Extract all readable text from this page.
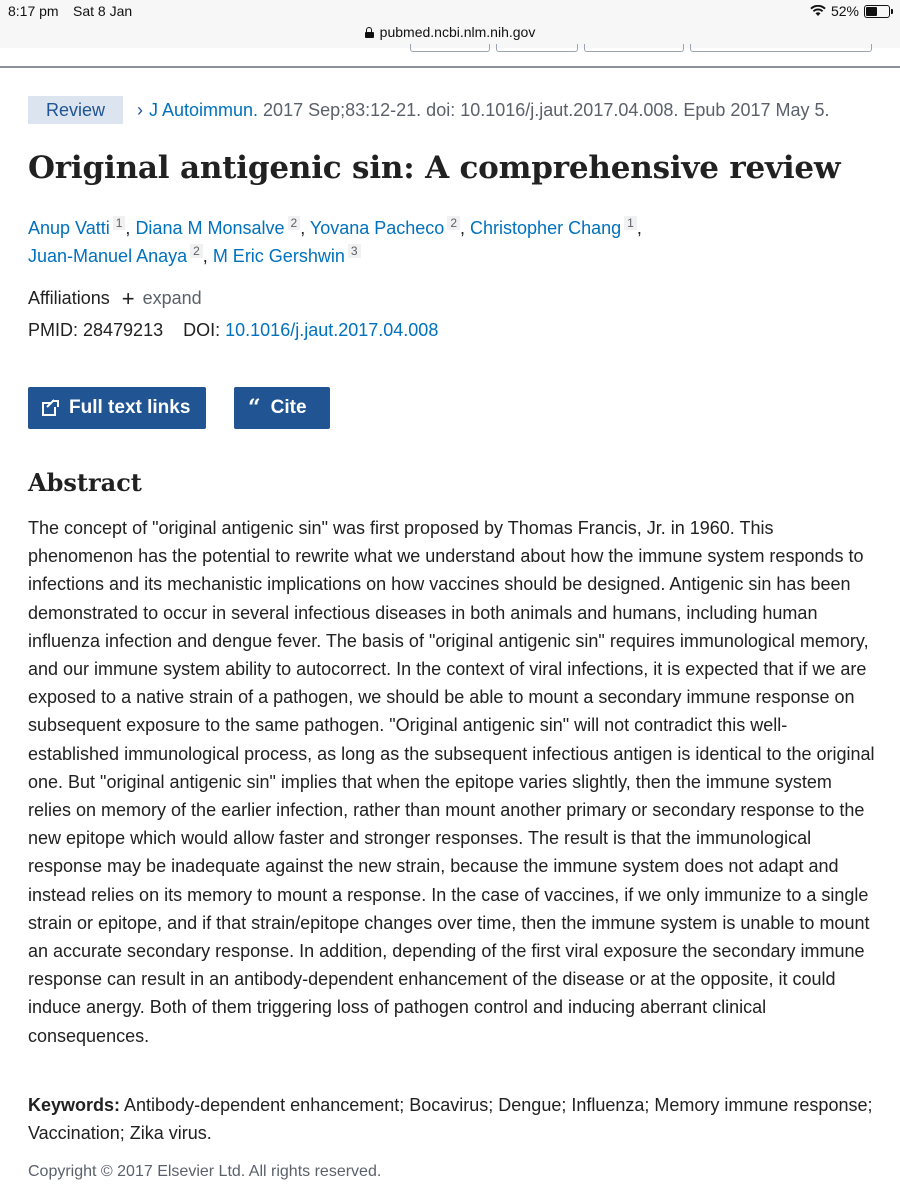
8:17 pm Sat 8 Jan	52%
pubmed.ncbi.nlm.nih.gov
Review	› J Autoimmun. 2017 Sep;83:12-21. doi: 10.1016/j.jaut.2017.04.008. Epub 2017 May 5.
Original antigenic sin: A comprehensive review
Anup Vatti 1 , Diana M Monsalve 2 , Yovana Pacheco 2 , Christopher Chang 1 ,
Juan-Manuel Anaya 2 , M Eric Gershwin 3
Affiliations + expand
PMID: 28479213 DOI: 10.1016/j.jaut.2017.04.008
Full text links	“ Cite
Abstract

The concept of "original antigenic sin" was first proposed by Thomas Francis, Jr. in 1960. This phenomenon has the potential to rewrite what we understand about how the immune system responds to infections and its mechanistic implications on how vaccines should be designed. Antigenic sin has been demonstrated to occur in several infectious diseases in both animals and humans, including human influenza infection and dengue fever. The basis of "original antigenic sin" requires immunological memory, and our immune system ability to autocorrect. In the context of viral infections, it is expected that if we are exposed to a native strain of a pathogen, we should be able to mount a secondary immune response on subsequent exposure to the same pathogen. "Original antigenic sin" will not contradict this well-established immunological process, as long as the subsequent infectious antigen is identical to the original one. But "original antigenic sin" implies that when the epitope varies slightly, then the immune system relies on memory of the earlier infection, rather than mount another primary or secondary response to the new epitope which would allow faster and stronger responses. The result is that the immunological response may be inadequate against the new strain, because the immune system does not adapt and instead relies on its memory to mount a response. In the case of vaccines, if we only immunize to a single strain or epitope, and if that strain/epitope changes over time, then the immune system is unable to mount an accurate secondary response. In addition, depending of the first viral exposure the secondary immune response can result in an antibody-dependent enhancement of the disease or at the opposite, it could induce anergy. Both of them triggering loss of pathogen control and inducing aberrant clinical consequences.

Keywords: Antibody-dependent enhancement; Bocavirus; Dengue; Influenza; Memory immune response; Vaccination; Zika virus.

Copyright © 2017 Elsevier Ltd. All rights reserved.
